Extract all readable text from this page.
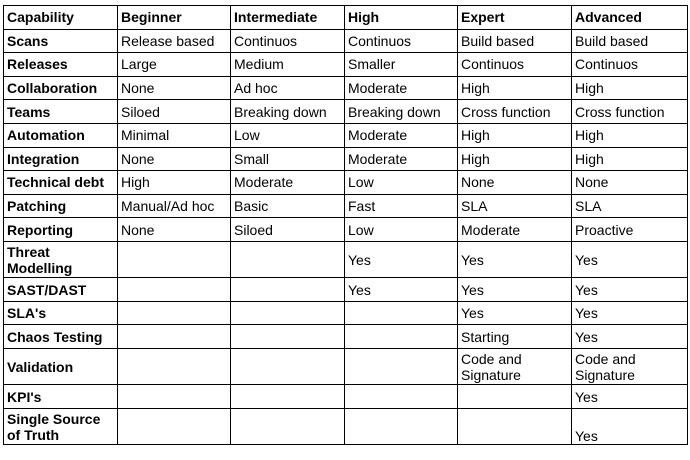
Capability	Beginner	Intermediate	High	Expert	Advanced
Scans	Release based	Continuos	Continuos	Build based	Build based
Releases	Large	Medium	Smaller	Continuos	Continuos
Collaboration	None	Ad hoc	Moderate	High	High
Teams	Siloed	Breaking down	Breaking down	Cross function	Cross function
Automation	Minimal	Low	Moderate	High	High
Integration	None	Small	Moderate	High	High
Technical debt	High	Moderate	Low	None	None
Patching	Manual/Ad hoc	Basic	Fast	SLA	SLA
Reporting	None	Siloed	Low	Moderate	Proactive
Threat Modelling			Yes	Yes	Yes
SAST/DAST			Yes	Yes	Yes
SLA's				Yes	Yes
Chaos Testing				Starting	Yes
Validation				Code and Signature	Code and Signature
KPI's					Yes
Single Source of Truth					Yes
